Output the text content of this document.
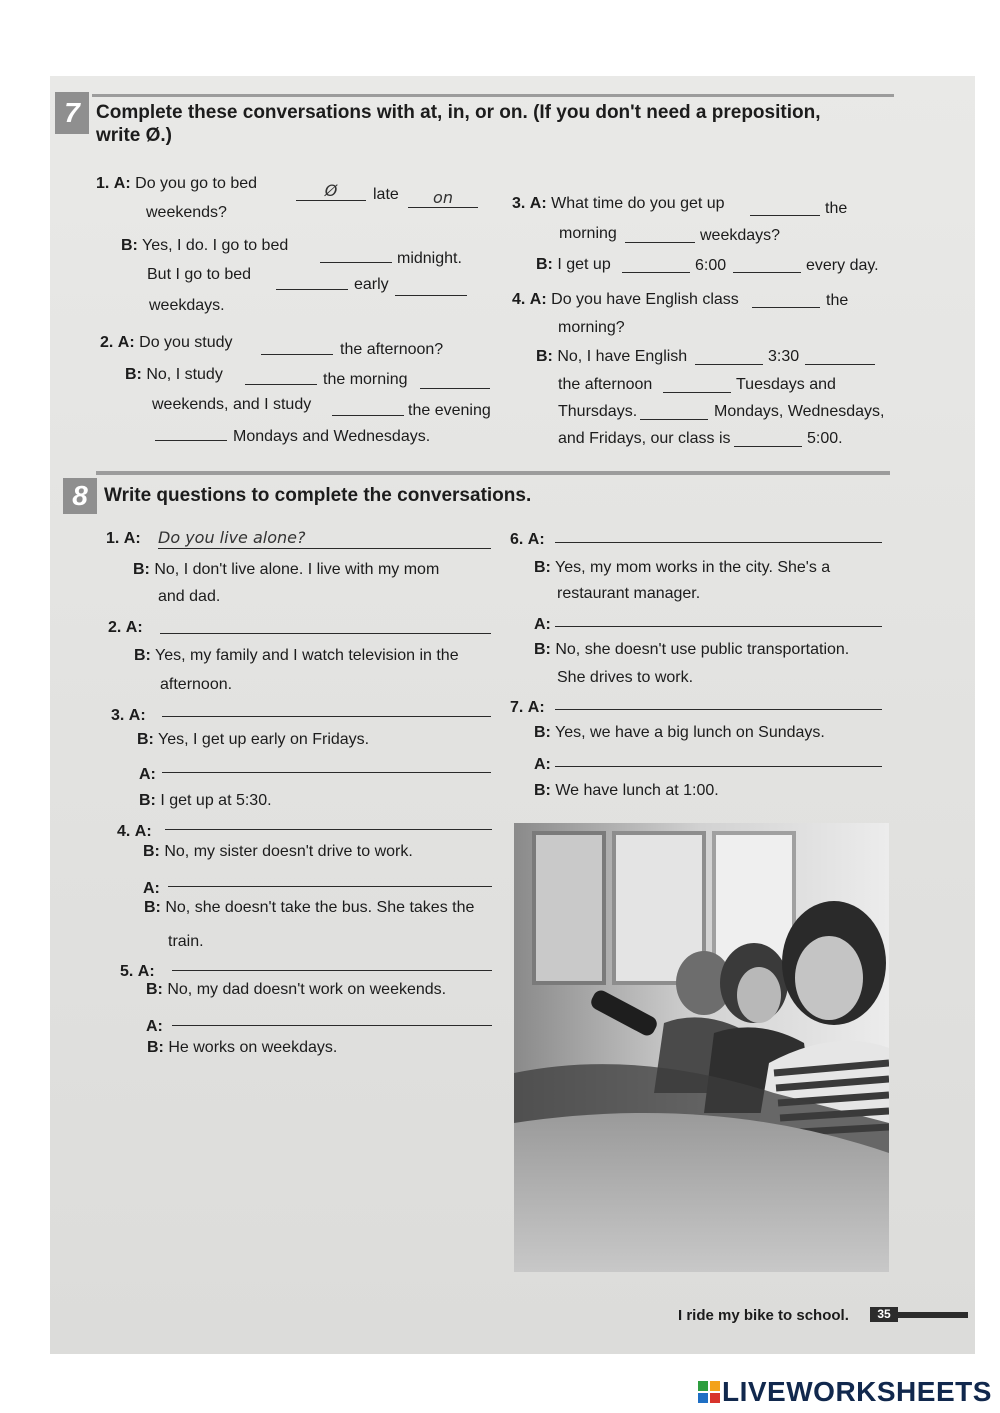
7 Complete these conversations with at, in, or on. (If you don't need a preposition,
write Ø.)
1. A: Do you go to bed	Ø	late	on
weekends?
B: Yes, I do. I go to bed
midnight.
But I go to bed
early
weekdays.
2. A: Do you study	the afternoon?
B: No, I study	the morning
weekends, and I study	the evening
Mondays and Wednesdays.
3. A: What time do you get up	the
morning	weekdays?
B: I get up	6:00	every day.
4. A: Do you have English class	the
morning?
B: No, I have English	3:30
the afternoon	Tuesdays and
Thursdays.	Mondays, Wednesdays,
and Fridays, our class is	5:00.
8 Write questions to complete the conversations.
1. A: Do you live alone?
B: No, I don't live alone. I live with my mom
and dad.
2. A:
B: Yes, my family and I watch television in the
afternoon.
3. A:
B: Yes, I get up early on Fridays.
A:
B: I get up at 5:30.
4. A:
B: No, my sister doesn't drive to work.
A:
B: No, she doesn't take the bus. She takes the
train.
5. A:
B: No, my dad doesn't work on weekends.
A:
B: He works on weekdays.
6. A:
B: Yes, my mom works in the city. She's a
restaurant manager.
A:
B: No, she doesn't use public transportation.
She drives to work.
7. A:
B: Yes, we have a big lunch on Sundays.
A:
B: We have lunch at 1:00.
I ride my bike to school.	35
LIVEWORKSHEETS
